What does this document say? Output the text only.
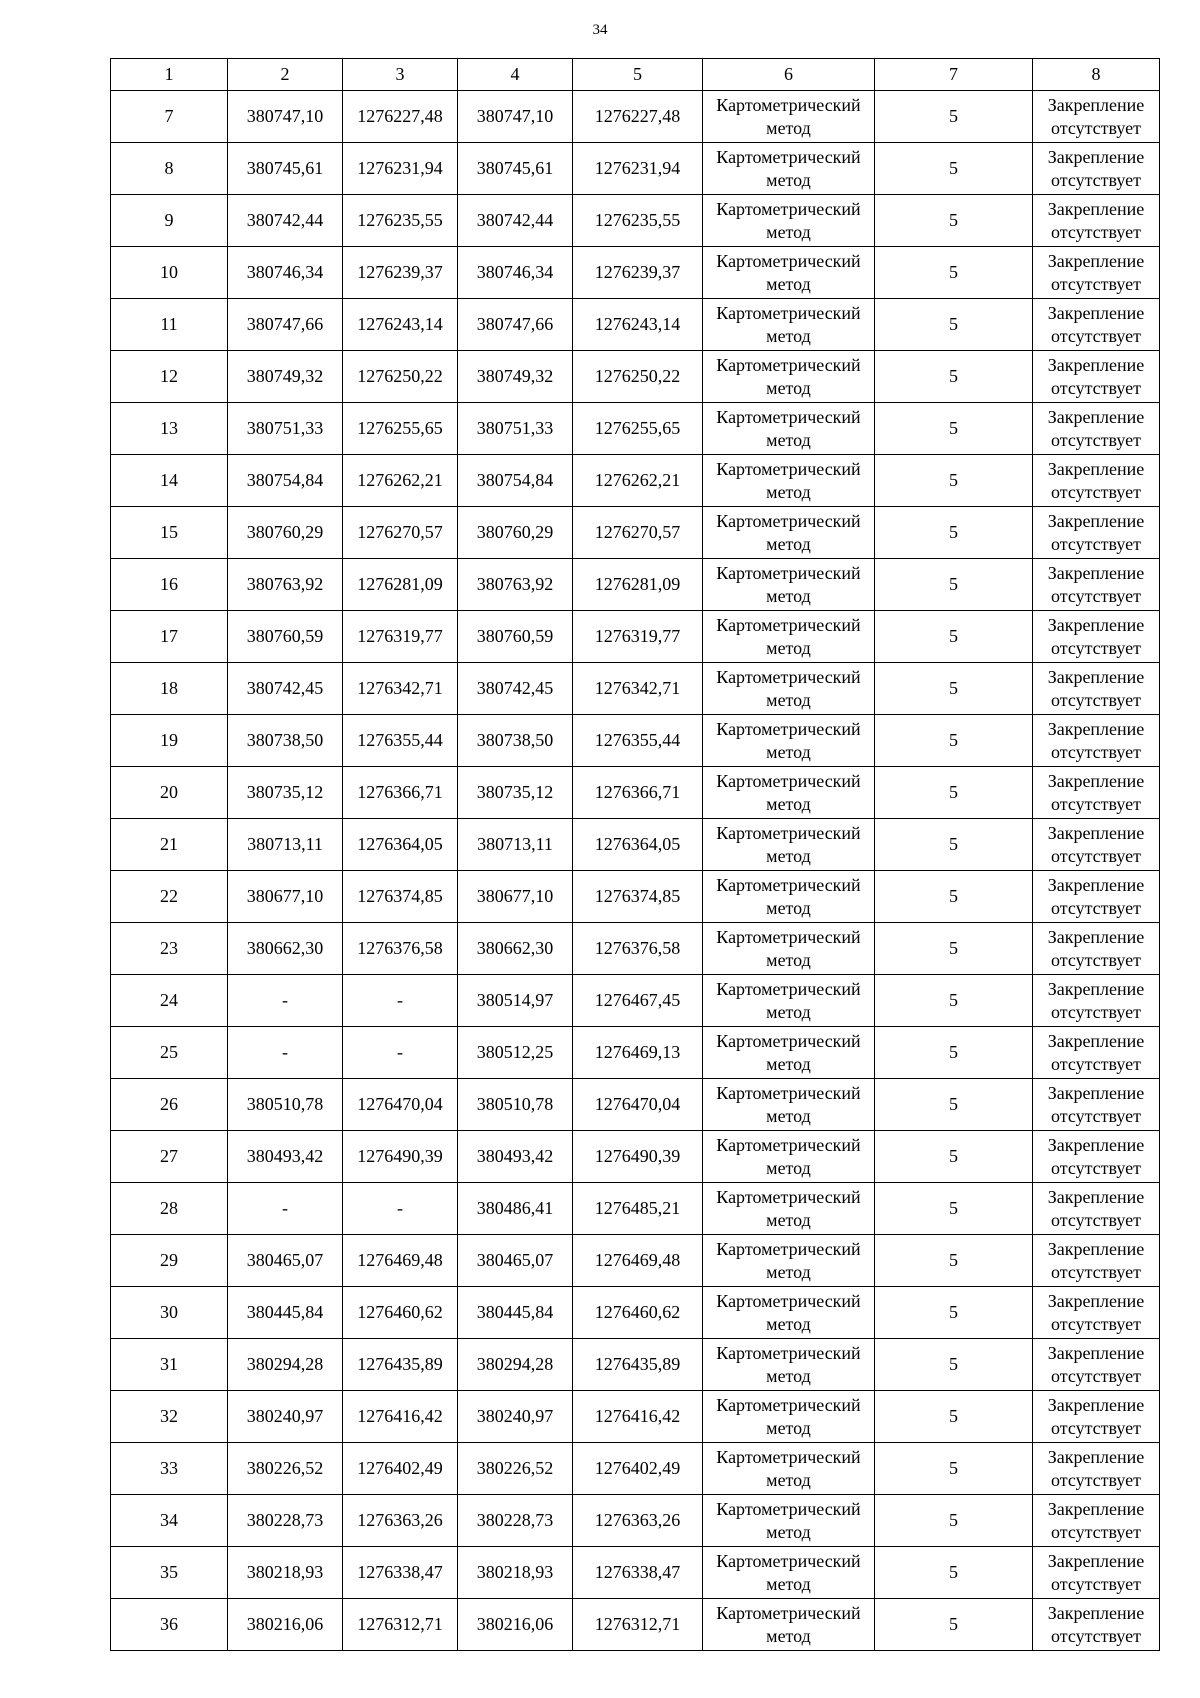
34
1	2	3	4	5	6	7	8
7	380747,10	1276227,48	380747,10	1276227,48	Картометрический
метод	5	Закрепление
отсутствует

8	380745,61	1276231,94	380745,61	1276231,94	Картометрический
метод	5	Закрепление
отсутствует

9	380742,44	1276235,55	380742,44	1276235,55	Картометрический
метод	5	Закрепление
отсутствует

10	380746,34	1276239,37	380746,34	1276239,37	Картометрический
метод	5	Закрепление
отсутствует

11	380747,66	1276243,14	380747,66	1276243,14	Картометрический
метод	5	Закрепление
отсутствует

12	380749,32	1276250,22	380749,32	1276250,22	Картометрический
метод	5	Закрепление
отсутствует

13	380751,33	1276255,65	380751,33	1276255,65	Картометрический
метод	5	Закрепление
отсутствует

14	380754,84	1276262,21	380754,84	1276262,21	Картометрический
метод	5	Закрепление
отсутствует

15	380760,29	1276270,57	380760,29	1276270,57	Картометрический
метод	5	Закрепление
отсутствует

16	380763,92	1276281,09	380763,92	1276281,09	Картометрический
метод	5	Закрепление
отсутствует

17	380760,59	1276319,77	380760,59	1276319,77	Картометрический
метод	5	Закрепление
отсутствует

18	380742,45	1276342,71	380742,45	1276342,71	Картометрический
метод	5	Закрепление
отсутствует

19	380738,50	1276355,44	380738,50	1276355,44	Картометрический
метод	5	Закрепление
отсутствует

20	380735,12	1276366,71	380735,12	1276366,71	Картометрический
метод	5	Закрепление
отсутствует

21	380713,11	1276364,05	380713,11	1276364,05	Картометрический
метод	5	Закрепление
отсутствует

22	380677,10	1276374,85	380677,10	1276374,85	Картометрический
метод	5	Закрепление
отсутствует

23	380662,30	1276376,58	380662,30	1276376,58	Картометрический
метод	5	Закрепление
отсутствует

24	-	-	380514,97	1276467,45	Картометрический
метод	5	Закрепление
отсутствует

25	-	-	380512,25	1276469,13	Картометрический
метод	5	Закрепление
отсутствует

26	380510,78	1276470,04	380510,78	1276470,04	Картометрический
метод	5	Закрепление
отсутствует

27	380493,42	1276490,39	380493,42	1276490,39	Картометрический
метод	5	Закрепление
отсутствует

28	-	-	380486,41	1276485,21	Картометрический
метод	5	Закрепление
отсутствует

29	380465,07	1276469,48	380465,07	1276469,48	Картометрический
метод	5	Закрепление
отсутствует

30	380445,84	1276460,62	380445,84	1276460,62	Картометрический
метод	5	Закрепление
отсутствует

31	380294,28	1276435,89	380294,28	1276435,89	Картометрический
метод	5	Закрепление
отсутствует

32	380240,97	1276416,42	380240,97	1276416,42	Картометрический
метод	5	Закрепление
отсутствует

33	380226,52	1276402,49	380226,52	1276402,49	Картометрический
метод	5	Закрепление
отсутствует

34	380228,73	1276363,26	380228,73	1276363,26	Картометрический
метод	5	Закрепление
отсутствует

35	380218,93	1276338,47	380218,93	1276338,47	Картометрический
метод	5	Закрепление
отсутствует

36	380216,06	1276312,71	380216,06	1276312,71	Картометрический
метод	5	Закрепление
отсутствует
